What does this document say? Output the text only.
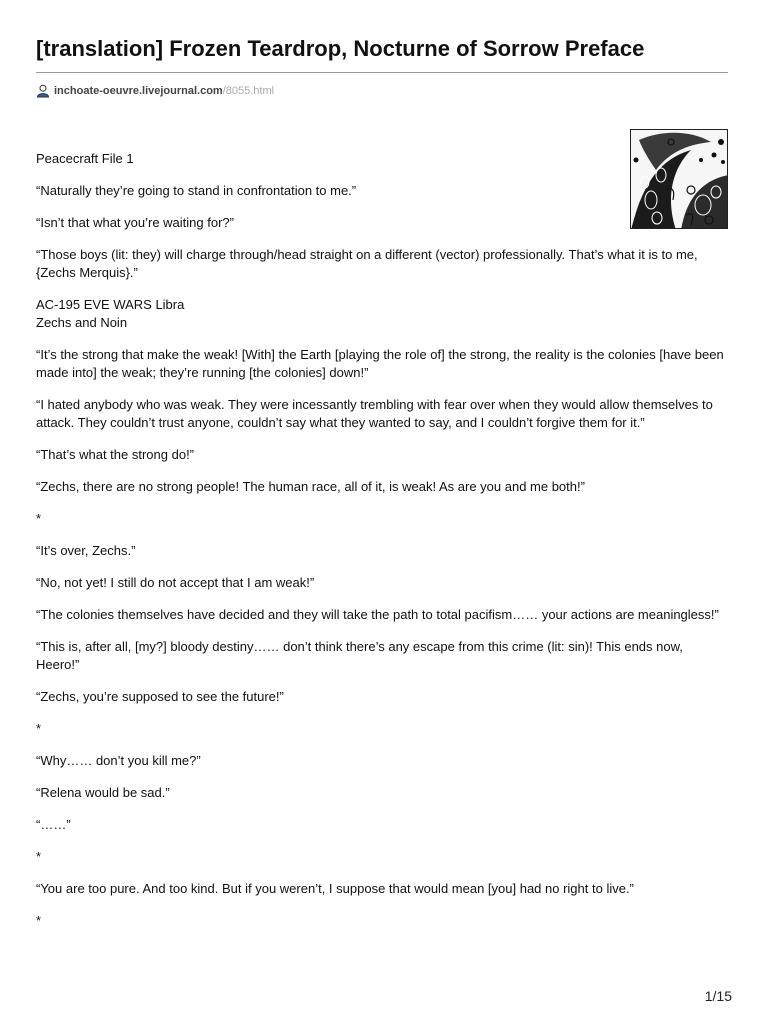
[translation] Frozen Teardrop, Nocturne of Sorrow Preface
inchoate-oeuvre.livejournal.com /8055.html

Peacecraft File 1

“Naturally they’re going to stand in confrontation to me.”

“Isn’t that what you’re waiting for?”

“Those boys (lit: they) will charge through/head straight on a different (vector) professionally. That’s what it is to me, {Zechs Merquis}.”

AC-195 EVE WARS Libra
Zechs and Noin

“It’s the strong that make the weak! [With] the Earth [playing the role of] the strong, the reality is the colonies [have been made into] the weak; they’re running [the colonies] down!”

“I hated anybody who was weak. They were incessantly trembling with fear over when they would allow themselves to attack. They couldn’t trust anyone, couldn’t say what they wanted to say, and I couldn’t forgive them for it.”

“That’s what the strong do!”

“Zechs, there are no strong people! The human race, all of it, is weak! As are you and me both!”

*

“It’s over, Zechs.”

“No, not yet! I still do not accept that I am weak!”

“The colonies themselves have decided and they will take the path to total pacifism…… your actions are meaningless!”

“This is, after all, [my?] bloody destiny…… don’t think there’s any escape from this crime (lit: sin)! This ends now, Heero!”

“Zechs, you’re supposed to see the future!”

*

“Why…… don’t you kill me?”

“Relena would be sad.”

“……”

*

“You are too pure. And too kind. But if you weren’t, I suppose that would mean [you] had no right to live.”

*

1/15
